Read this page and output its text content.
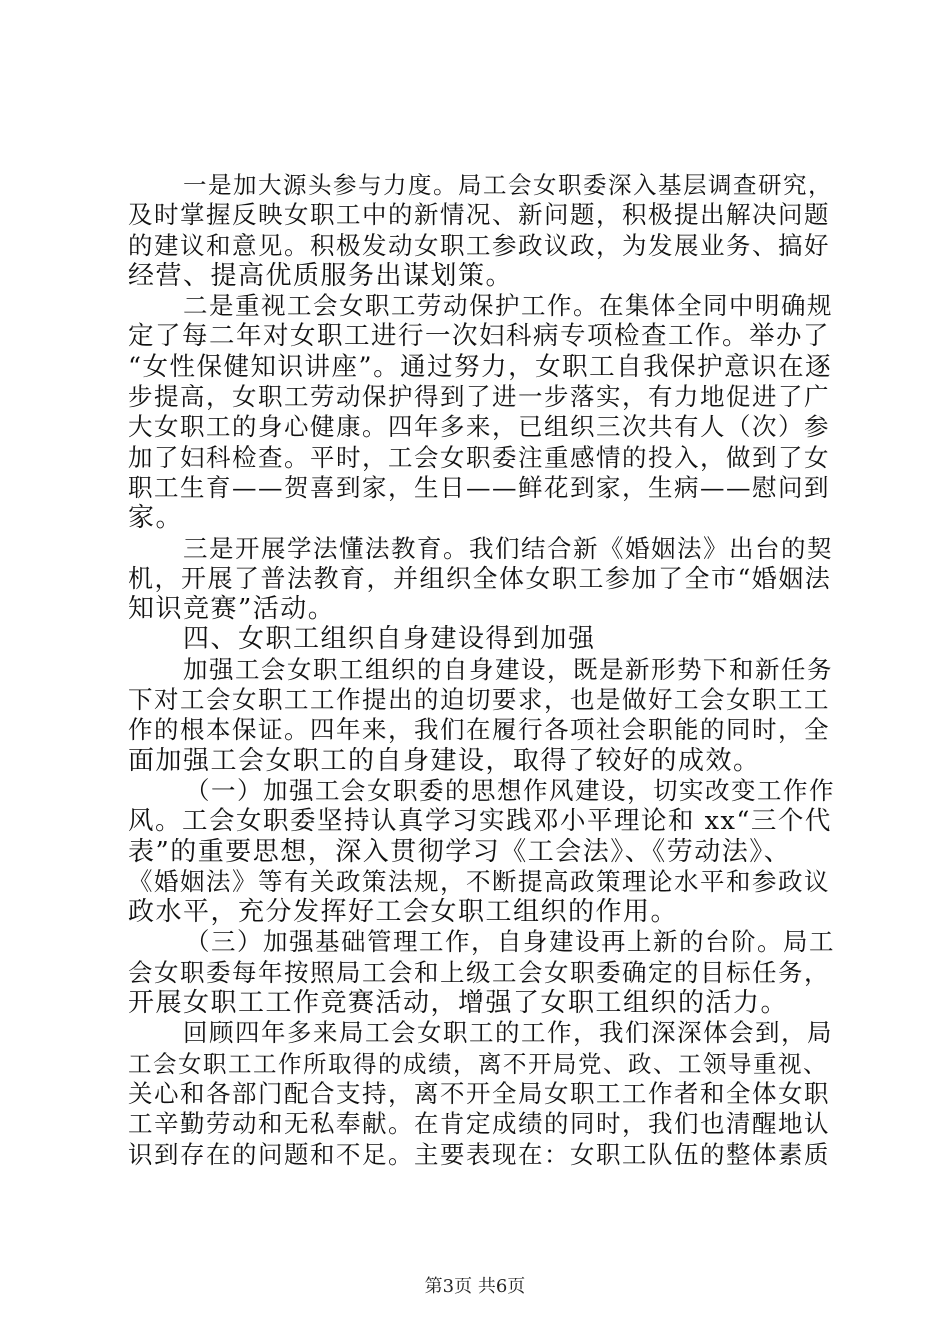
一是加大源头参与力度。局工会女职委深入基层调查研究，
及时掌握反映女职工中的新情况、新问题，积极提出解决问题
的建议和意见。积极发动女职工参政议政，为发展业务、搞好
经营、提高优质服务出谋划策。
二是重视工会女职工劳动保护工作。在集体全同中明确规
定了每二年对女职工进行一次妇科病专项检查工作。举办了
“女性保健知识讲座”。通过努力，女职工自我保护意识在逐
步提高，女职工劳动保护得到了进一步落实，有力地促进了广
大女职工的身心健康。四年多来，已组织三次共有人（次）参
加了妇科检查。平时，工会女职委注重感情的投入，做到了女
职工生育——贺喜到家，生日——鲜花到家，生病——慰问到
家。
三是开展学法懂法教育。我们结合新《婚姻法》出台的契
机，开展了普法教育，并组织全体女职工参加了全市“婚姻法
知识竞赛”活动。
四、女职工组织自身建设得到加强
加强工会女职工组织的自身建设，既是新形势下和新任务
下对工会女职工工作提出的迫切要求，也是做好工会女职工工
作的根本保证。四年来，我们在履行各项社会职能的同时，全
面加强工会女职工的自身建设，取得了较好的成效。
（一）加强工会女职委的思想作风建设，切实改变工作作
风。工会女职委坚持认真学习实践邓小平理论和 xx“三个代
表”的重要思想，深入贯彻学习《工会法》、《劳动法》、
《婚姻法》等有关政策法规，不断提高政策理论水平和参政议
政水平，充分发挥好工会女职工组织的作用。
（三）加强基础管理工作，自身建设再上新的台阶。局工
会女职委每年按照局工会和上级工会女职委确定的目标任务，
开展女职工工作竞赛活动，增强了女职工组织的活力。
回顾四年多来局工会女职工的工作，我们深深体会到，局
工会女职工工作所取得的成绩，离不开局党、政、工领导重视、
关心和各部门配合支持，离不开全局女职工工作者和全体女职
工辛勤劳动和无私奉献。在肯定成绩的同时，我们也清醒地认
识到存在的问题和不足。主要表现在：女职工队伍的整体素质
第3页 共6页
